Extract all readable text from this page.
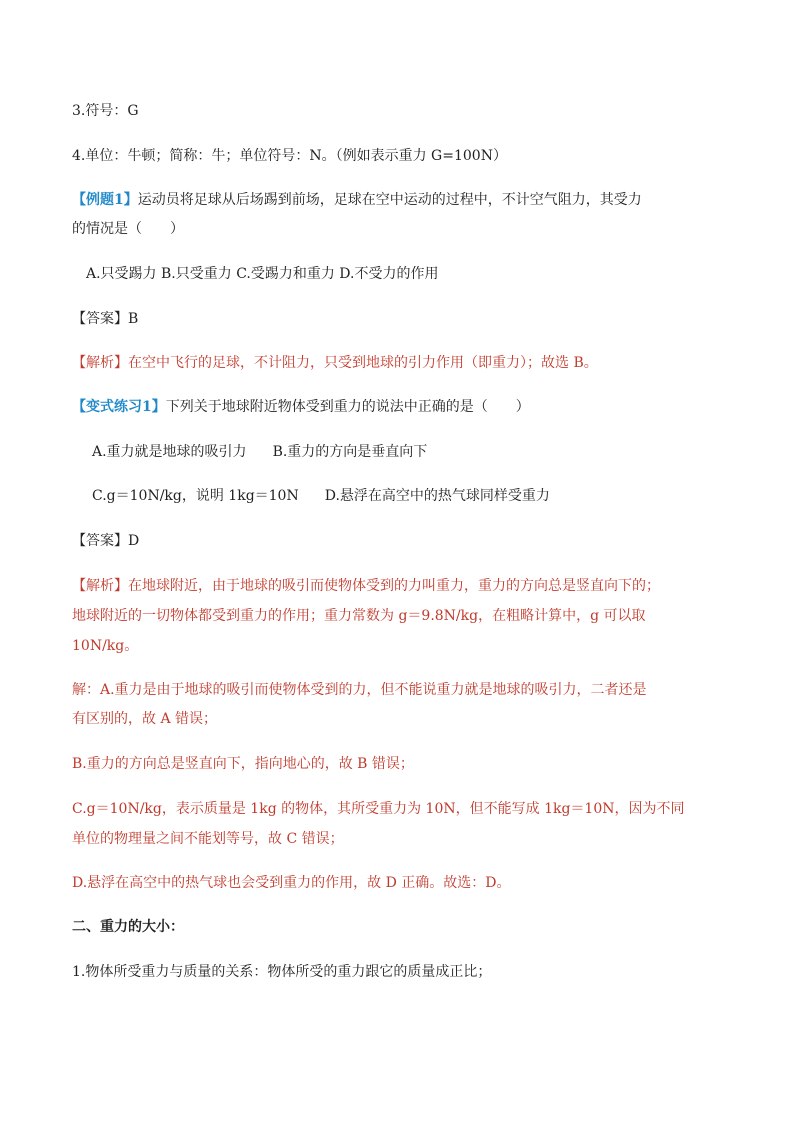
3.符号：G
4.单位：牛顿；简称：牛；单位符号：N。（例如表示重力 G=100N）
【例题1】运动员将足球从后场踢到前场，足球在空中运动的过程中，不计空气阻力，其受力
的情况是（　　）
A.只受踢力 B.只受重力 C.受踢力和重力 D.不受力的作用
【答案】B
【解析】在空中飞行的足球，不计阻力，只受到地球的引力作用（即重力）；故选 B。
【变式练习1】下列关于地球附近物体受到重力的说法中正确的是（　　）
A.重力就是地球的吸引力 B.重力的方向是垂直向下
C.g＝10N/kg，说明 1kg＝10N D.悬浮在高空中的热气球同样受重力
【答案】D
【解析】在地球附近，由于地球的吸引而使物体受到的力叫重力，重力的方向总是竖直向下的；
地球附近的一切物体都受到重力的作用；重力常数为 g＝9.8N/kg，在粗略计算中，g 可以取
10N/kg。
解：A.重力是由于地球的吸引而使物体受到的力，但不能说重力就是地球的吸引力，二者还是
有区别的，故 A 错误；
B.重力的方向总是竖直向下，指向地心的，故 B 错误；
C.g＝10N/kg，表示质量是 1kg 的物体，其所受重力为 10N，但不能写成 1kg＝10N，因为不同
单位的物理量之间不能划等号，故 C 错误；
D.悬浮在高空中的热气球也会受到重力的作用，故 D 正确。故选：D。
二、重力的大小：
1.物体所受重力与质量的关系：物体所受的重力跟它的质量成正比；
